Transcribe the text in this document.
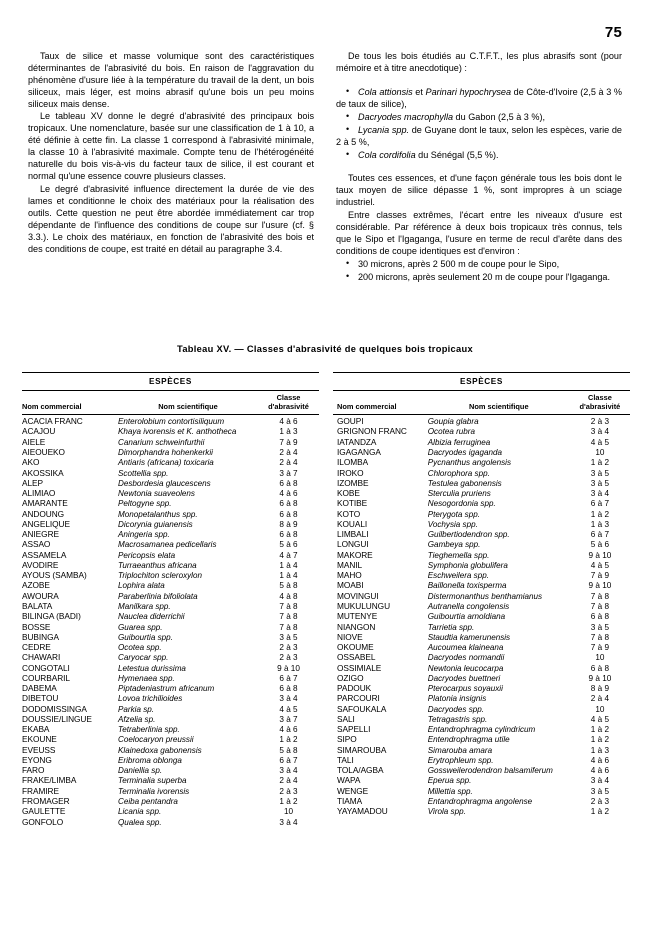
75

Taux de silice et masse volumique sont des caractéristiques déterminantes de l'abrasivité du bois. En raison de l'aggravation du phénomène d'usure liée à la température du travail de la dent, un bois siliceux, mais léger, est moins abrasif qu'une bois un peu moins siliceux mais dense.

Le tableau XV donne le degré d'abrasivité des principaux bois tropicaux. Une nomenclature, basée sur une classification de 1 à 10, a été définie à cette fin. La classe 1 correspond à l'abrasivité minimale, la classe 10 à l'abrasivité maximale. Compte tenu de l'hétérogénéité naturelle du bois vis-à-vis du facteur taux de silice, il est courant et normal qu'une essence couvre plusieurs classes.

Le degré d'abrasivité influence directement la durée de vie des lames et conditionne le choix des matériaux pour la réalisation des outils. Cette question ne peut être abordée immédiatement car trop dépendante de l'influence des conditions de coupe sur l'usure (cf. § 3.3.). Le choix des matériaux, en fonction de l'abrasivité des bois et des conditions de coupe, est traité en détail au paragraphe 3.4.

De tous les bois étudiés au C.T.F.T., les plus abrasifs sont (pour mémoire et à titre anecdotique) :

• Cola attionsis et Parinari hypochrysea de Côte-d'Ivoire (2,5 à 3 % de taux de silice),
• Dacryodes macrophylla du Gabon (2,5 à 3 %),
• Lycania spp. de Guyane dont le taux, selon les espèces, varie de 2 à 5 %,
• Cola cordifolia du Sénégal (5,5 %).

Toutes ces essences, et d'une façon générale tous les bois dont le taux moyen de silice dépasse 1 %, sont impropres à un sciage industriel.

Entre classes extrêmes, l'écart entre les niveaux d'usure est considérable. Par référence à deux bois tropicaux très connus, tels que le Sipo et l'Igaganga, l'usure en terme de recul d'arête dans des conditions de coupe identiques est d'environ :

• 30 microns, après 2 500 m de coupe pour le Sipo,
• 200 microns, après seulement 20 m de coupe pour l'Igaganga.
Tableau XV. — Classes d'abrasivité de quelques bois tropicaux
ESPÈCES
Nom commercial	Nom scientifique
Classe
d'abrasivité
ACACIA FRANC	Enterolobium contortisiliquum	4 à 6
ACAJOU	Khaya ivorensis et K. anthotheca	1 à 3
AIELE	Canarium schweinfurthii	7 à 9
AIEOUEKO	Dimorphandra hohenkerkii	2 à 4
AKO	Antiaris (africana) toxicaria	2 à 4
AKOSSIKA	Scottellia spp.	3 à 7
ALEP	Desbordesia glaucescens	6 à 8
ALIMIAO	Newtonia suaveolens	4 à 6
AMARANTE	Peltogyne spp.	6 à 8
ANDOUNG	Monopetalanthus spp.	6 à 8
ANGELIQUE	Dicorynia guianensis	8 à 9
ANIEGRE	Aningeria spp.	6 à 8
ASSAO	Macrosamanea pedicellaris	5 à 6
ASSAMELA	Pericopsis elata	4 à 7
AVODIRE	Turraeanthus africana	1 à 4
AYOUS (SAMBA)	Triplochiton scleroxylon	1 à 4
AZOBE	Lophira alata	5 à 8
AWOURA	Paraberlinia bifoliolata	4 à 8
BALATA	Manilkara spp.	7 à 8
BILINGA (BADI)	Nauclea diderrichii	7 à 8
BOSSE	Guarea spp.	7 à 8
BUBINGA	Guibourtia spp.	3 à 5
CEDRE	Ocotea spp.	2 à 3
CHAWARI	Caryocar spp.	2 à 3
CONGOTALI	Letestua durissima	9 à 10
COURBARIL	Hymenaea spp.	6 à 7
DABEMA	Piptadeniastrum africanum	6 à 8
DIBETOU	Lovoa trichilioides	3 à 4
DODOMISSINGA	Parkia sp.	4 à 5
DOUSSIE/LINGUE	Afzelia sp.	3 à 7
EKABA	Tetraberlinia spp.	4 à 6
EKOUNE	Coelocaryon preussii	1 à 2
EVEUSS	Klainedoxa gabonensis	5 à 8
EYONG	Eribroma oblonga	6 à 7
FARO	Daniellia sp.	3 à 4
FRAKE/LIMBA	Terminalia superba	2 à 4
FRAMIRE	Terminalia ivorensis	2 à 3
FROMAGER	Ceiba pentandra	1 à 2
GAULETTE	Licania spp.	10
GONFOLO	Qualea spp.	3 à 4
ESPÈCES
Nom commercial	Nom scientifique
Classe
d'abrasivité
GOUPI	Goupia glabra	2 à 3
GRIGNON FRANC	Ocotea rubra	3 à 4
IATANDZA	Albizia ferruginea	4 à 5
IGAGANGA	Dacryodes igaganda	10
ILOMBA	Pycnanthus angolensis	1 à 2
IROKO	Chlorophora spp.	3 à 5
IZOMBE	Testulea gabonensis	3 à 5
KOBE	Sterculia pruriens	3 à 4
KOTIBE	Nesogordonia spp.	6 à 7
KOTO	Pterygota spp.	1 à 2
KOUALI	Vochysia spp.	1 à 3
LIMBALI	Guilbertiodendron spp.	6 à 7
LONGUI	Gambeya spp.	5 à 6
MAKORE	Tieghemella spp.	9 à 10
MANIL	Symphonia globulifera	4 à 5
MAHO	Eschweilera spp.	7 à 9
MOABI	Baillonella toxisperma	9 à 10
MOVINGUI	Distermonanthus benthamianus	7 à 8
MUKULUNGU	Autranella congolensis	7 à 8
MUTENYE	Guibourtia arnoldiana	6 à 8
NIANGON	Tarrietia spp.	3 à 5
NIOVE	Staudtia kamerunensis	7 à 8
OKOUME	Aucoumea klaineana	7 à 9
OSSABEL	Dacryodes normandii	10
OSSIMIALE	Newtonia leucocarpa	6 à 8
OZIGO	Dacryodes buettneri	9 à 10
PADOUK	Pterocarpus soyauxii	8 à 9
PARCOURI	Platonia insignis	2 à 4
SAFOUKALA	Dacryodes spp.	10
SALI	Tetragastris spp.	4 à 5
SAPELLI	Entandrophragma cylindricum	1 à 2
SIPO	Entendrophragma utile	1 à 2
SIMAROUBA	Simarouba amara	1 à 3
TALI	Erytrophleum spp.	4 à 6
TOLA/AGBA	Gossweilerodendron balsamiferum	4 à 6
WAPA	Eperua spp.	3 à 4
WENGE	Millettia spp.	3 à 5
TIAMA	Entandrophragma angolense	2 à 3
YAYAMADOU	Virola spp.	1 à 2
